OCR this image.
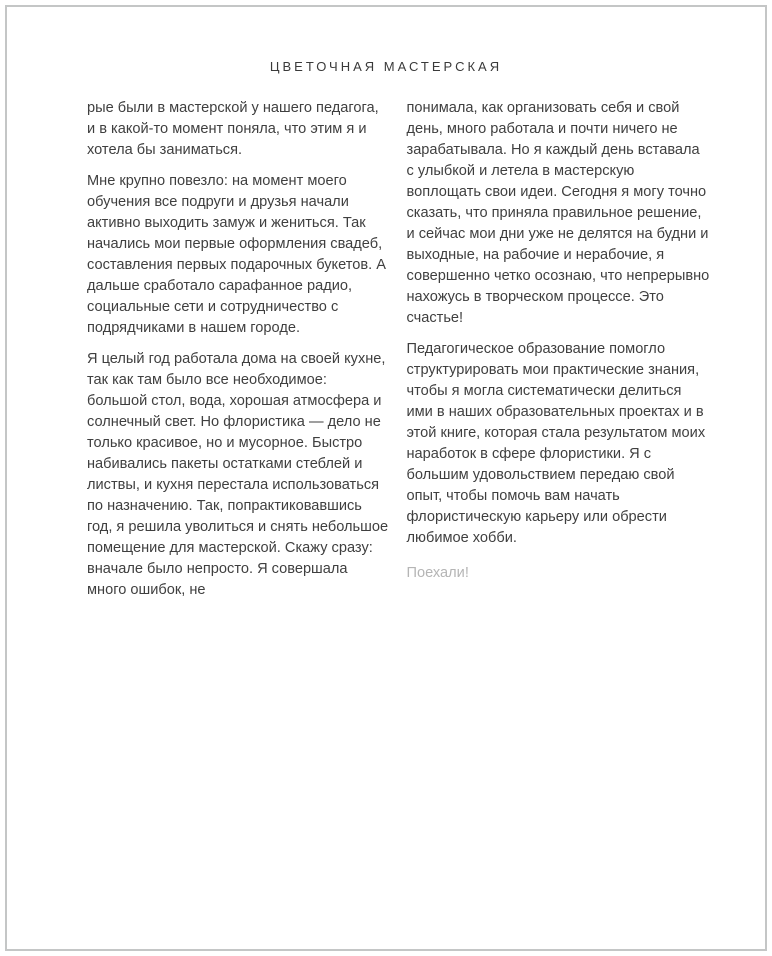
ЦВЕТОЧНАЯ МАСТЕРСКАЯ

рые были в мастерской у нашего педагога, и в какой-то момент поняла, что этим я и хотела бы заниматься.

Мне крупно повезло: на момент моего обучения все подруги и друзья начали активно выходить замуж и жениться. Так начались мои первые оформления свадеб, составления первых подарочных букетов. А дальше сработало сарафанное радио, социальные сети и сотрудничество с подрядчиками в нашем городе.

Я целый год работала дома на своей кухне, так как там было все необходимое: большой стол, вода, хорошая атмосфера и солнечный свет. Но флористика — дело не только красивое, но и мусорное. Быстро набивались пакеты остатками стеблей и листвы, и кухня перестала использоваться по назначению. Так, попрактиковавшись год, я решила уволиться и снять небольшое помещение для мастерской. Скажу сразу: вначале было непросто. Я совершала много ошибок, не

понимала, как организовать себя и свой день, много работала и почти ничего не зарабатывала. Но я каждый день вставала с улыбкой и летела в мастерскую воплощать свои идеи. Сегодня я могу точно сказать, что приняла правильное решение, и сейчас мои дни уже не делятся на будни и выходные, на рабочие и нерабочие, я совершенно четко осознаю, что непрерывно нахожусь в творческом процессе. Это счастье!

Педагогическое образование помогло структурировать мои практические знания, чтобы я могла систематически делиться ими в наших образовательных проектах и в этой книге, которая стала результатом моих наработок в сфере флористики. Я с большим удовольствием передаю свой опыт, чтобы помочь вам начать флористическую карьеру или обрести любимое хобби.

Поехали!
